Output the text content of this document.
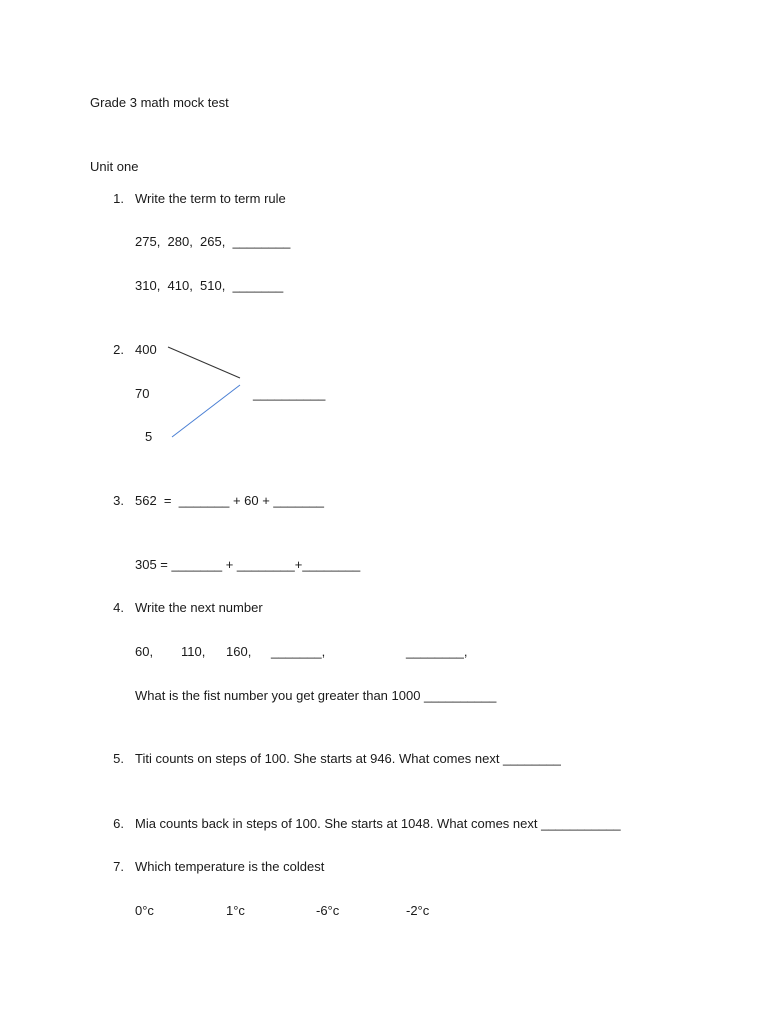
Grade 3 math mock test
Unit one
1. Write the term to term rule
275,  280,  265,  ________
310,  410,  510,  _______
2. 400
70
5
__________
3. 562  =  _______ + 60 + _______
305 = _______ + ________+________
4. Write the next number
60, 110, 160, _______,	________,
What is the fist number you get greater than 1000 __________
5. Titi counts on steps of 100. She starts at 946. What comes next ________
6. Mia counts back in steps of 100. She starts at 1048. What comes next ___________
7. Which temperature is the coldest
0°c	1°c	-6°c	-2°c
